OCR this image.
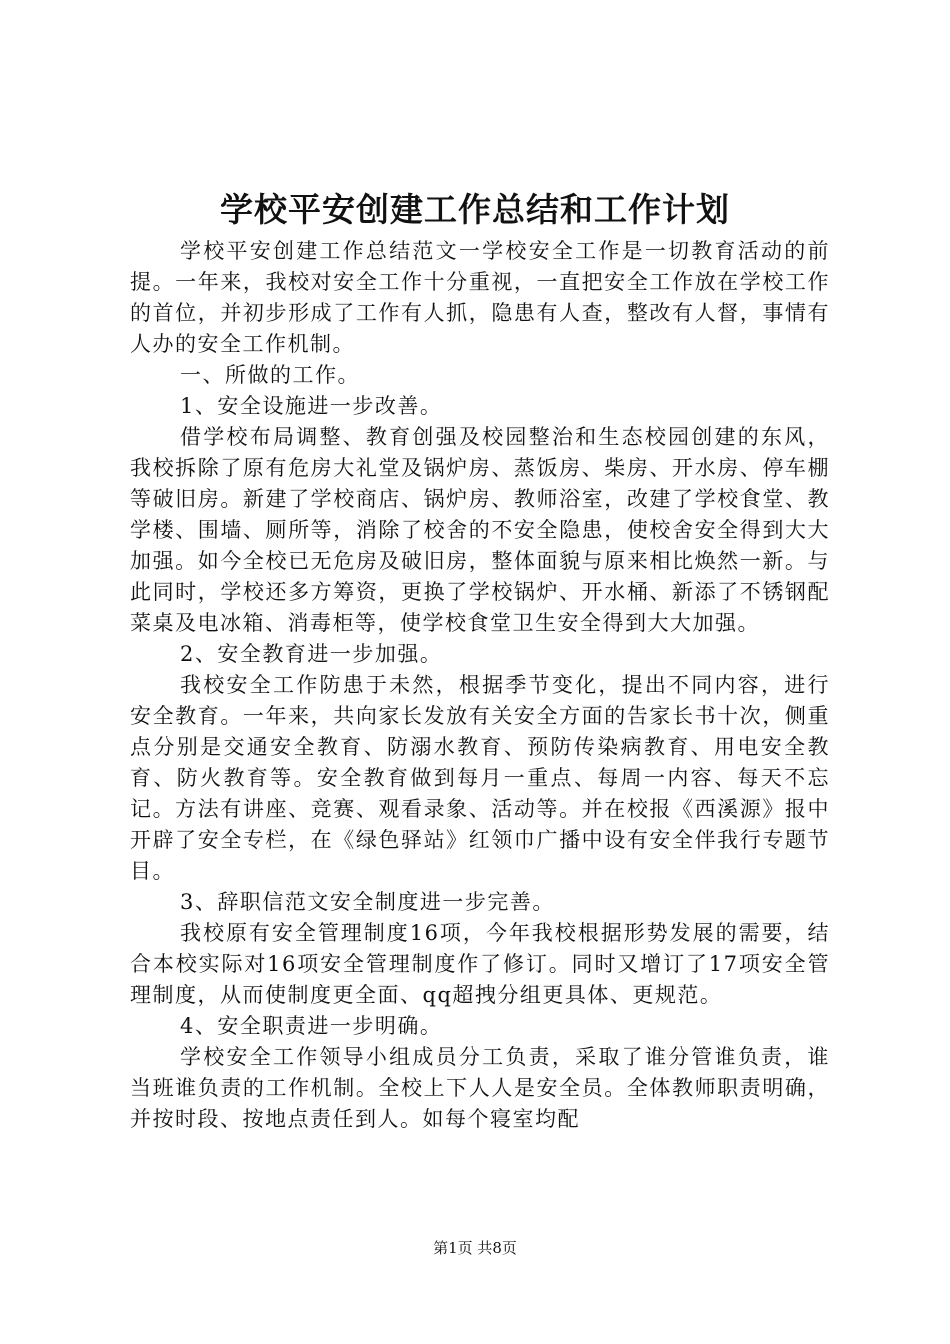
学校平安创建工作总结和工作计划

学校平安创建工作总结范文一学校安全工作是一切教育活动的前提。一年来，我校对安全工作十分重视，一直把安全工作放在学校工作的首位，并初步形成了工作有人抓，隐患有人查，整改有人督，事情有人办的安全工作机制。

一、所做的工作。

1、安全设施进一步改善。

借学校布局调整、教育创强及校园整治和生态校园创建的东风，我校拆除了原有危房大礼堂及锅炉房、蒸饭房、柴房、开水房、停车棚等破旧房。新建了学校商店、锅炉房、教师浴室，改建了学校食堂、教学楼、围墙、厕所等，消除了校舍的不安全隐患，使校舍安全得到大大加强。如今全校已无危房及破旧房，整体面貌与原来相比焕然一新。与此同时，学校还多方筹资，更换了学校锅炉、开水桶、新添了不锈钢配菜桌及电冰箱、消毒柜等，使学校食堂卫生安全得到大大加强。

2、安全教育进一步加强。

我校安全工作防患于未然，根据季节变化，提出不同内容，进行安全教育。一年来，共向家长发放有关安全方面的告家长书十次，侧重点分别是交通安全教育、防溺水教育、预防传染病教育、用电安全教育、防火教育等。安全教育做到每月一重点、每周一内容、每天不忘记。方法有讲座、竞赛、观看录象、活动等。并在校报《西溪源》报中开辟了安全专栏，在《绿色驿站》红领巾广播中设有安全伴我行专题节目。

3、辞职信范文安全制度进一步完善。

我校原有安全管理制度16项，今年我校根据形势发展的需要，结合本校实际对16项安全管理制度作了修订。同时又增订了17项安全管理制度，从而使制度更全面、qq超拽分组更具体、更规范。

4、安全职责进一步明确。

学校安全工作领导小组成员分工负责，采取了谁分管谁负责，谁当班谁负责的工作机制。全校上下人人是安全员。全体教师职责明确，并按时段、按地点责任到人。如每个寝室均配

第1页 共8页
